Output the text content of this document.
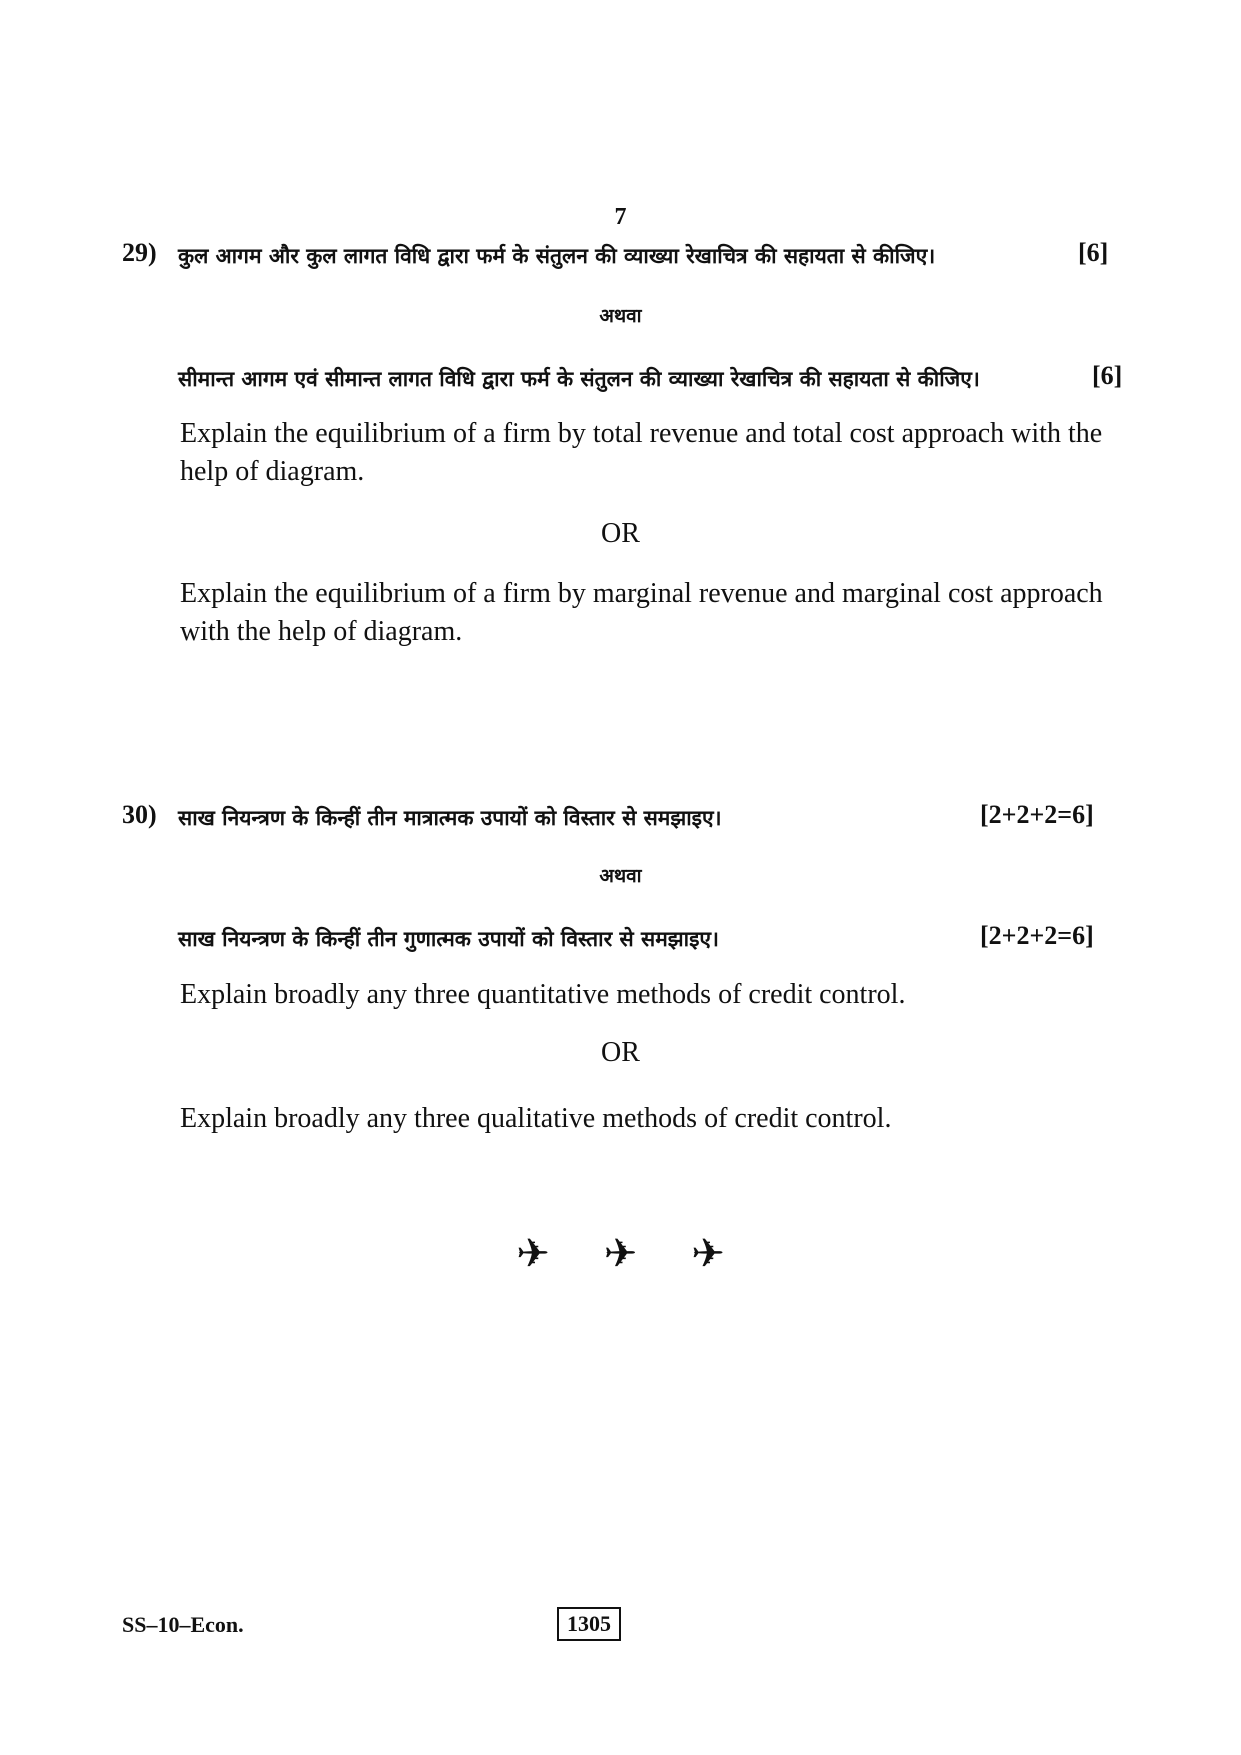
7
29) कुल आगम और कुल लागत विधि द्वारा फर्म के संतुलन की व्याख्या रेखाचित्र की सहायता से कीजिए।	[6]
अथवा
सीमान्त आगम एवं सीमान्त लागत विधि द्वारा फर्म के संतुलन की व्याख्या रेखाचित्र की सहायता से कीजिए।	[6]
Explain the equilibrium of a firm by total revenue and total cost approach with the help of diagram.
OR
Explain the equilibrium of a firm by marginal revenue and marginal cost approach with the help of diagram.
30) साख नियन्त्रण के किन्हीं तीन मात्रात्मक उपायों को विस्तार से समझाइए।	[2+2+2=6]
अथवा
साख नियन्त्रण के किन्हीं तीन गुणात्मक उपायों को विस्तार से समझाइए।	[2+2+2=6]
Explain broadly any three quantitative methods of credit control.
OR
Explain broadly any three qualitative methods of credit control.
✈ ✈ ✈
SS–10–Econ.	1305
